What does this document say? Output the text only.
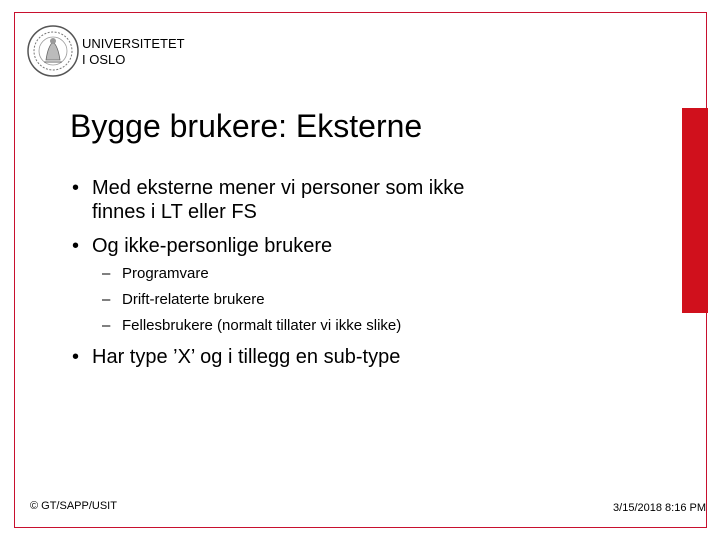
UNIVERSITETET
I OSLO
Bygge brukere: Eksterne
• Med eksterne mener vi personer som ikke
finnes i LT eller FS
• Og ikke-personlige brukere
– Programvare
– Drift-relaterte brukere
– Fellesbrukere (normalt tillater vi ikke slike)
• Har type ’X’ og i tillegg en sub-type
© GT/SAPP/USIT	3/15/2018 8:16 PM
